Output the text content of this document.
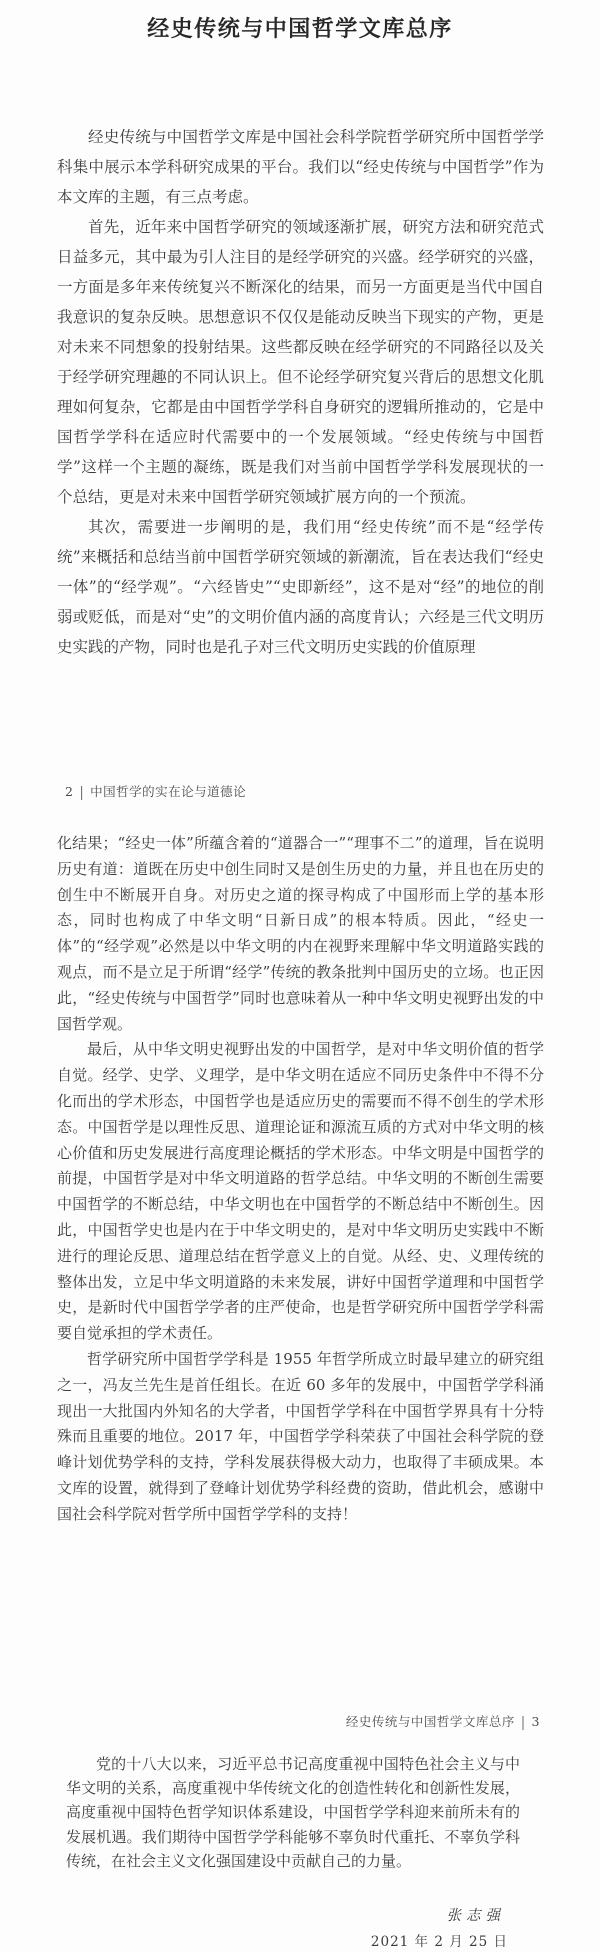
经史传统与中国哲学文库总序

经史传统与中国哲学文库是中国社会科学院哲学研究所中国哲学学科集中展示本学科研究成果的平台。我们以“经史传统与中国哲学”作为本文库的主题，有三点考虑。

首先，近年来中国哲学研究的领域逐渐扩展，研究方法和研究范式日益多元，其中最为引人注目的是经学研究的兴盛。经学研究的兴盛，一方面是多年来传统复兴不断深化的结果，而另一方面更是当代中国自我意识的复杂反映。思想意识不仅仅是能动反映当下现实的产物，更是对未来不同想象的投射结果。这些都反映在经学研究的不同路径以及关于经学研究理趣的不同认识上。但不论经学研究复兴背后的思想文化肌理如何复杂，它都是由中国哲学学科自身研究的逻辑所推动的，它是中国哲学学科在适应时代需要中的一个发展领域。“经史传统与中国哲学”这样一个主题的凝练，既是我们对当前中国哲学学科发展现状的一个总结，更是对未来中国哲学研究领域扩展方向的一个预流。

其次，需要进一步阐明的是，我们用“经史传统”而不是“经学传统”来概括和总结当前中国哲学研究领域的新潮流，旨在表达我们“经史一体”的“经学观”。“六经皆史”“史即新经”，这不是对“经”的地位的削弱或贬低，而是对“史”的文明价值内涵的高度肯认；六经是三代文明历史实践的产物，同时也是孔子对三代文明历史实践的价值原理

2 | 中国哲学的实在论与道德论

化结果；“经史一体”所蕴含着的“道器合一”“理事不二”的道理，旨在说明历史有道：道既在历史中创生同时又是创生历史的力量，并且也在历史的创生中不断展开自身。对历史之道的探寻构成了中国形而上学的基本形态，同时也构成了中华文明“日新日成”的根本特质。因此，“经史一体”的“经学观”必然是以中华文明的内在视野来理解中华文明道路实践的观点，而不是立足于所谓“经学”传统的教条批判中国历史的立场。也正因此，“经史传统与中国哲学”同时也意味着从一种中华文明史视野出发的中国哲学观。

最后，从中华文明史视野出发的中国哲学，是对中华文明价值的哲学自觉。经学、史学、义理学，是中华文明在适应不同历史条件中不得不分化而出的学术形态，中国哲学也是适应历史的需要而不得不创生的学术形态。中国哲学是以理性反思、道理论证和源流互质的方式对中华文明的核心价值和历史发展进行高度理论概括的学术形态。中华文明是中国哲学的前提，中国哲学是对中华文明道路的哲学总结。中华文明的不断创生需要中国哲学的不断总结，中华文明也在中国哲学的不断总结中不断创生。因此，中国哲学史也是内在于中华文明史的，是对中华文明历史实践中不断进行的理论反思、道理总结在哲学意义上的自觉。从经、史、义理传统的整体出发，立足中华文明道路的未来发展，讲好中国哲学道理和中国哲学史，是新时代中国哲学学者的庄严使命，也是哲学研究所中国哲学学科需要自觉承担的学术责任。

哲学研究所中国哲学学科是 1955 年哲学所成立时最早建立的研究组之一，冯友兰先生是首任组长。在近 60 多年的发展中，中国哲学学科涌现出一大批国内外知名的大学者，中国哲学学科在中国哲学界具有十分特殊而且重要的地位。2017 年，中国哲学学科荣获了中国社会科学院的登峰计划优势学科的支持，学科发展获得极大动力，也取得了丰硕成果。本文库的设置，就得到了登峰计划优势学科经费的资助，借此机会，感谢中国社会科学院对哲学所中国哲学学科的支持！

经史传统与中国哲学文库总序 | 3

党的十八大以来，习近平总书记高度重视中国特色社会主义与中华文明的关系，高度重视中华传统文化的创造性转化和创新性发展，高度重视中国特色哲学知识体系建设，中国哲学学科迎来前所未有的发展机遇。我们期待中国哲学学科能够不辜负时代重托、不辜负学科传统，在社会主义文化强国建设中贡献自己的力量。

张志强
2021 年 2 月 25 日
